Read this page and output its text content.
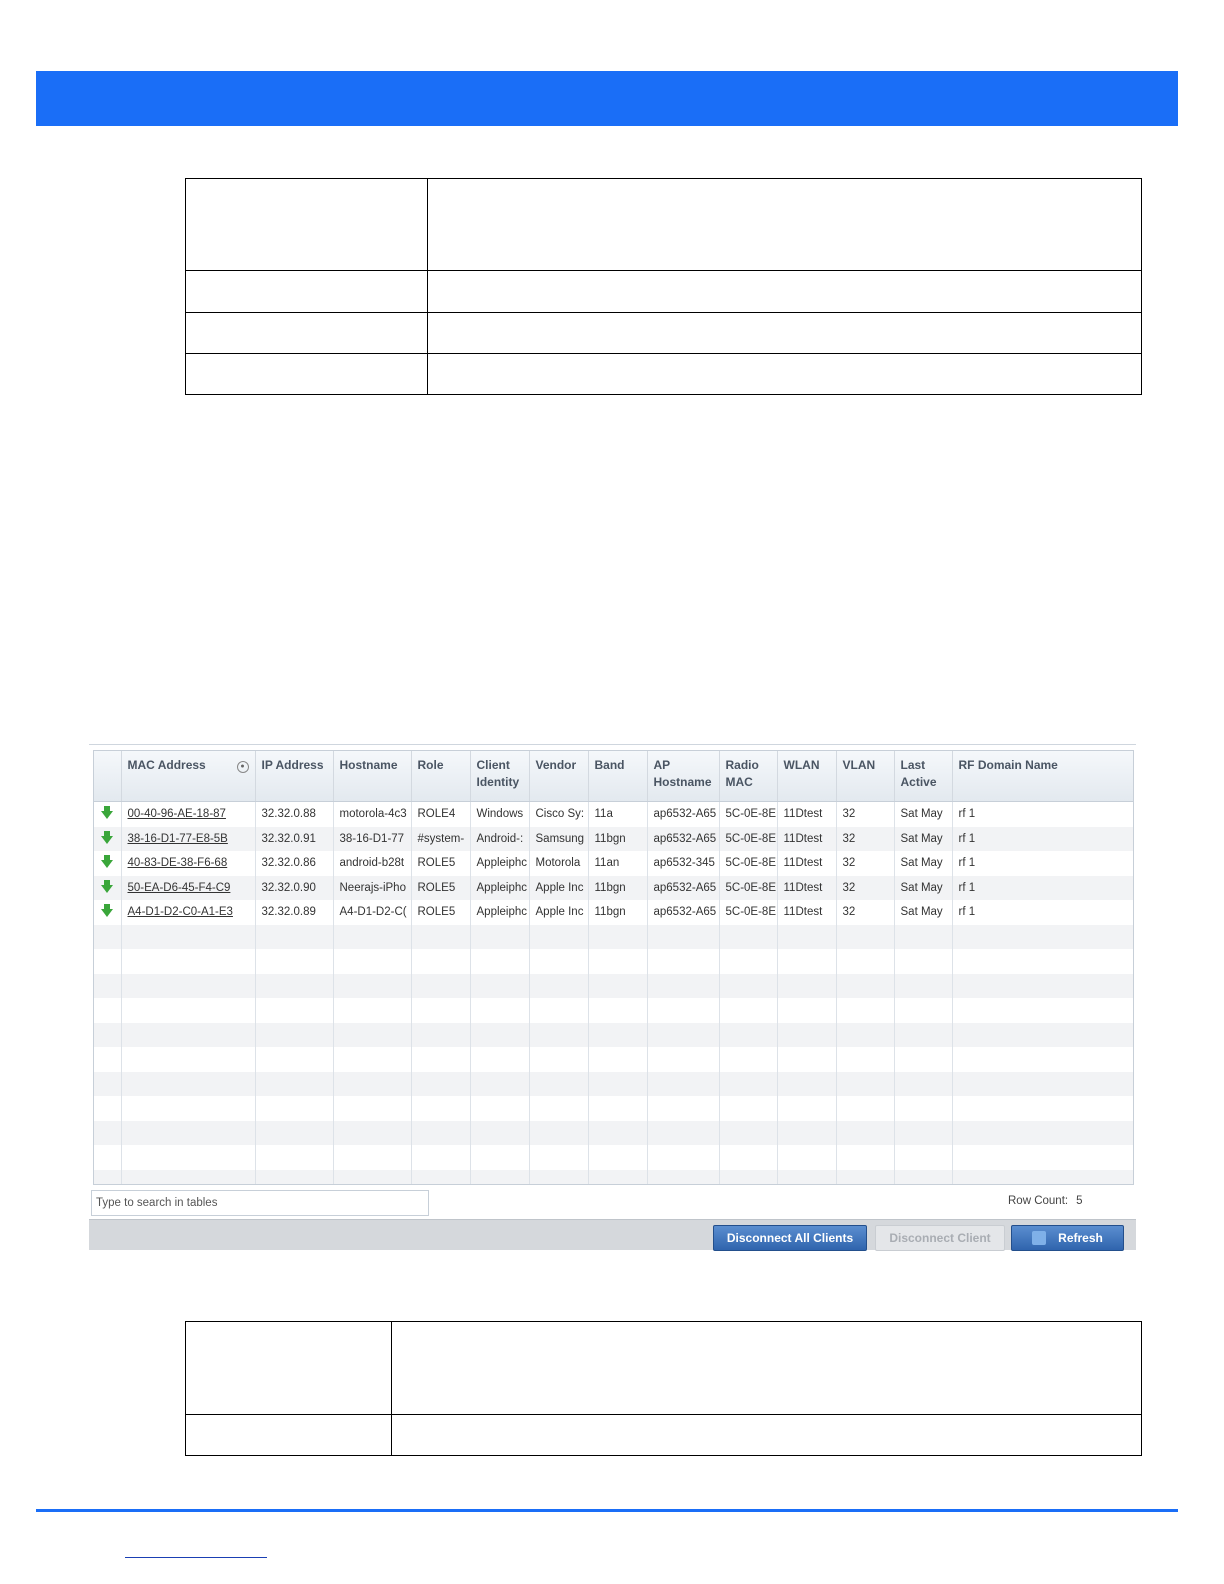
	MAC Address ●	IP Address	Hostname	Role	Client Identity	Vendor	Band	AP Hostname	Radio MAC	WLAN	VLAN	Last Active	RF Domain Name
	00-40-96-AE-18-87	32.32.0.88	motorola-4c3	ROLE4	Windows	Cisco Sy:	11a	ap6532-A65	5C-0E-8E	11Dtest	32	Sat May	rf 1
	38-16-D1-77-E8-5B	32.32.0.91	38-16-D1-77	#system-	Android-:	Samsung	11bgn	ap6532-A65	5C-0E-8E	11Dtest	32	Sat May	rf 1
	40-83-DE-38-F6-68	32.32.0.86	android-b28t	ROLE5	Appleiphc	Motorola	11an	ap6532-345	5C-0E-8E	11Dtest	32	Sat May	rf 1
	50-EA-D6-45-F4-C9	32.32.0.90	Neerajs-iPho	ROLE5	Appleiphc	Apple Inc	11bgn	ap6532-A65	5C-0E-8E	11Dtest	32	Sat May	rf 1
	A4-D1-D2-C0-A1-E3	32.32.0.89	A4-D1-D2-C(	ROLE5	Appleiphc	Apple Inc	11bgn	ap6532-A65	5C-0E-8E	11Dtest	32	Sat May	rf 1

Type to search in tables	Row Count: 5
Disconnect All Clients	Disconnect Client	Refresh
